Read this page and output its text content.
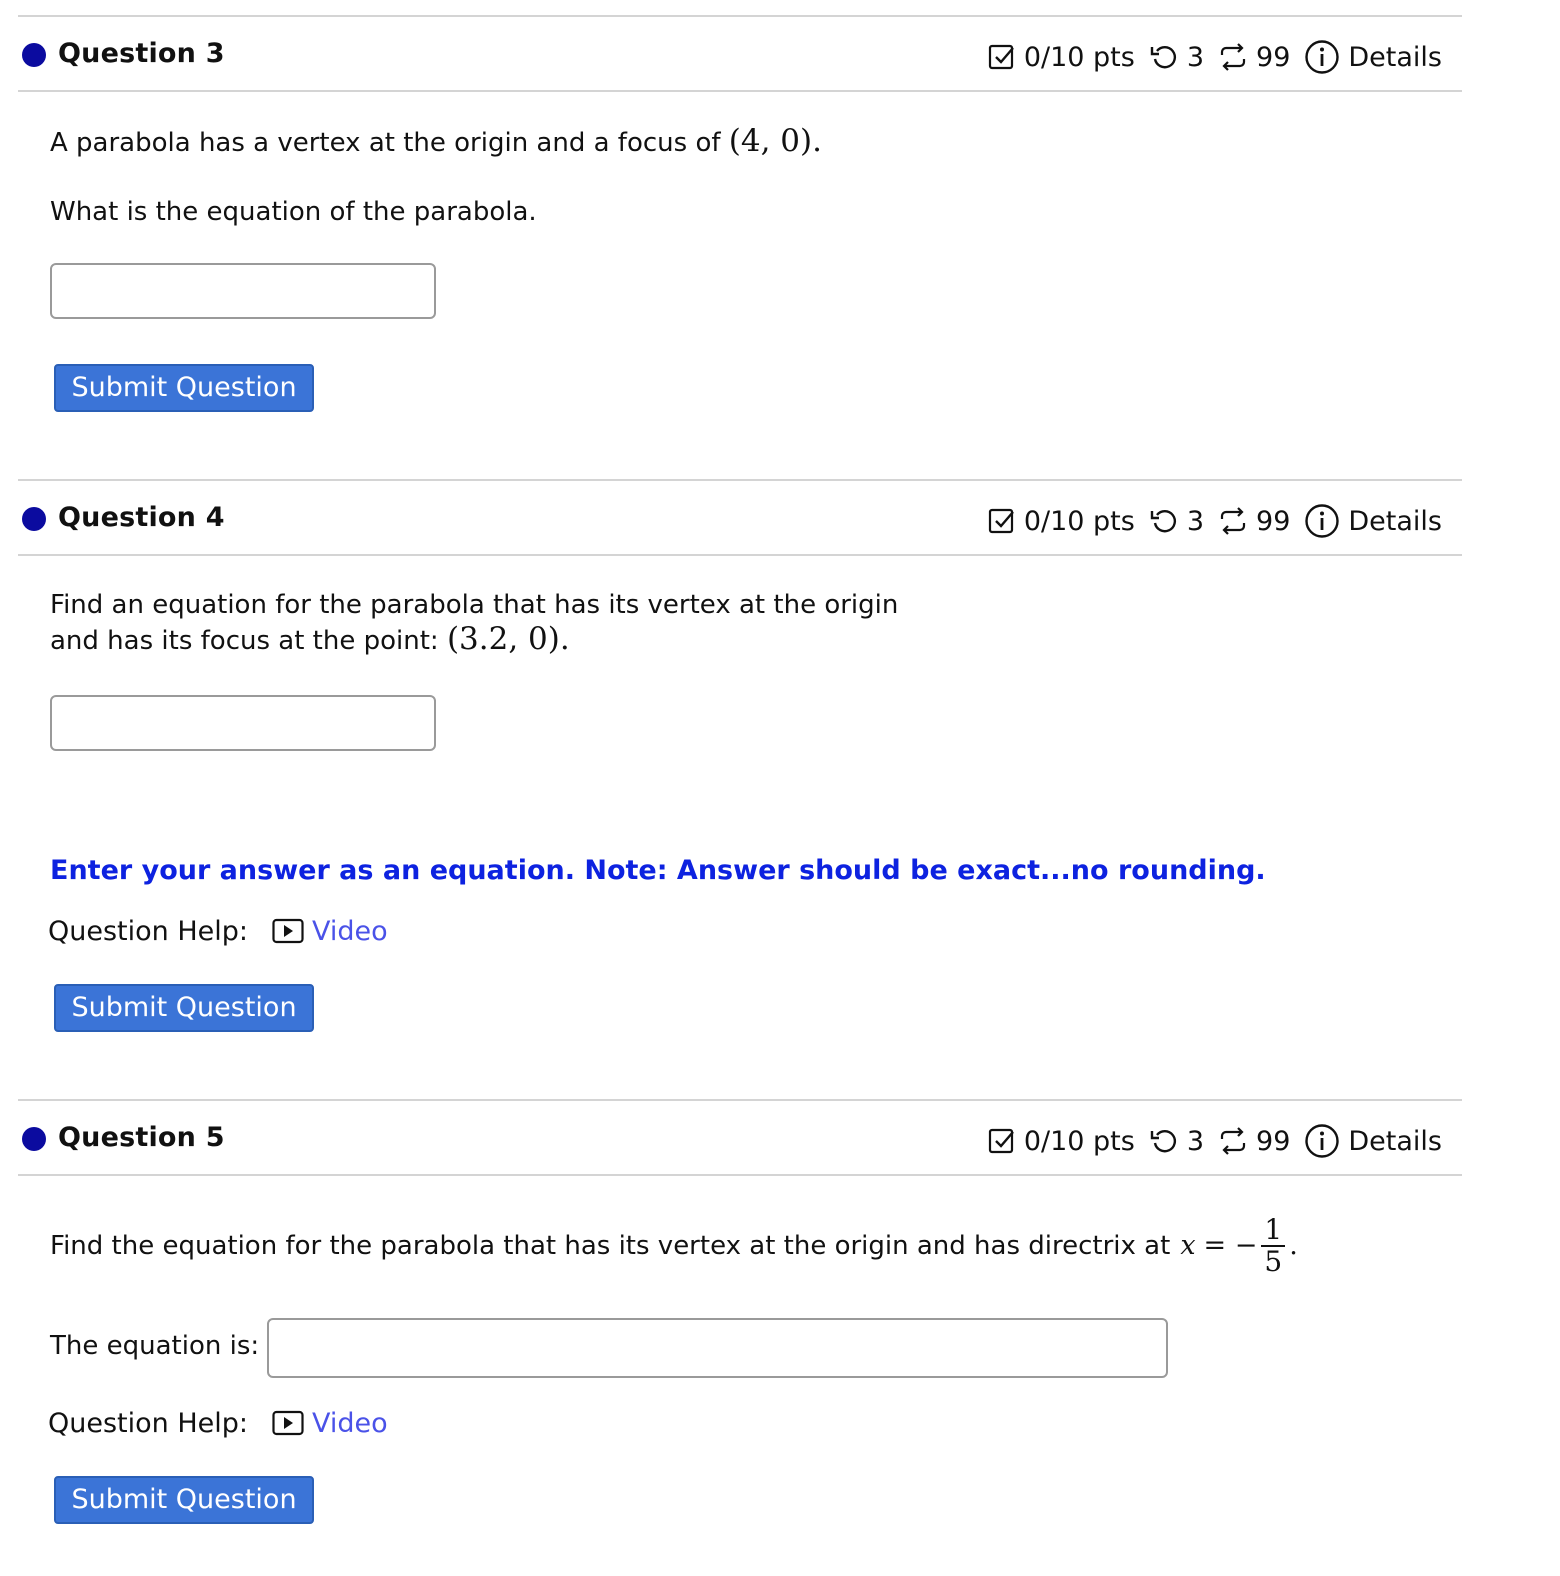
Question 3	0/10 pts 3 99 Details
A parabola has a vertex at the origin and a focus of (4, 0).
What is the equation of the parabola.
Submit Question
Question 4	0/10 pts 3 99 Details
Find an equation for the parabola that has its vertex at the origin
and has its focus at the point: (3.2, 0).
Enter your answer as an equation. Note: Answer should be exact...no rounding.
Question Help: Video
Submit Question
Question 5	0/10 pts 3 99 Details
Find the equation for the parabola that has its vertex at the origin and has directrix at x = − $\frac{1}{5}$ .
The equation is:
Question Help: Video
Submit Question
